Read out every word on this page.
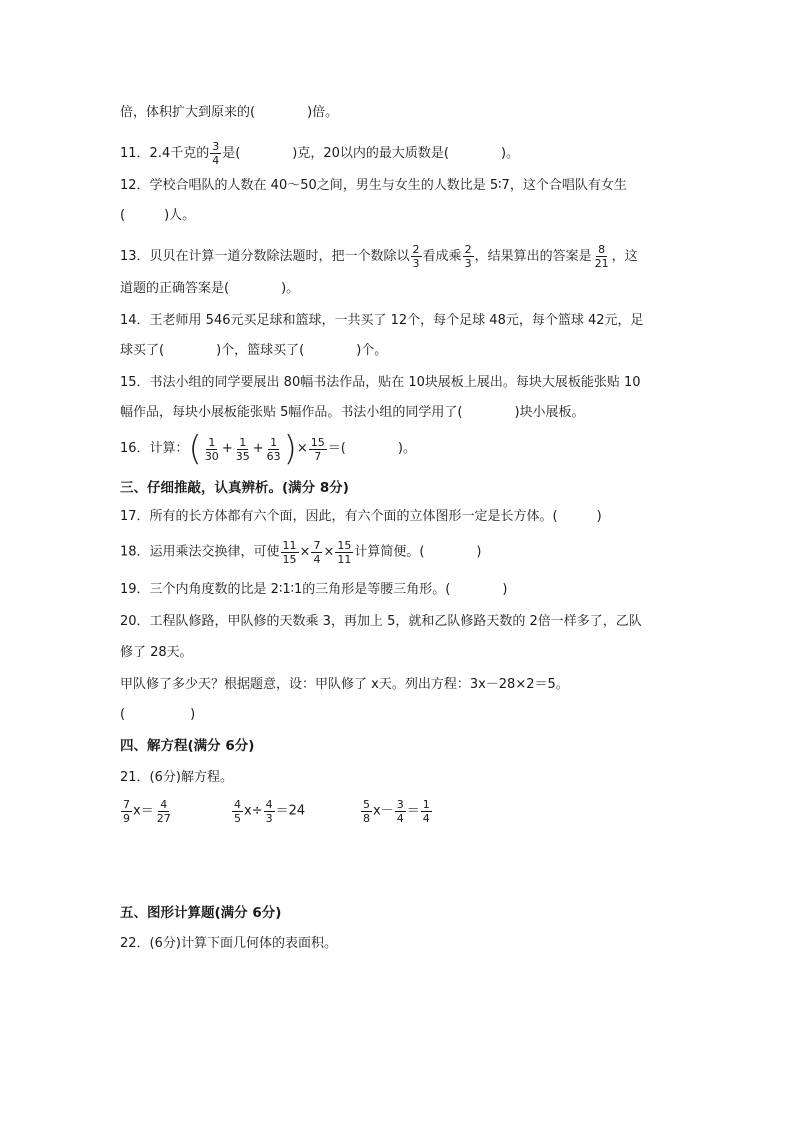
倍，体积扩大到原来的(　　　　)倍。
11．2.4千克的 $\frac{3}{4}$ 是(　　　　)克，20以内的最大质数是(　　　　)。
12．学校合唱队的人数在 40～50之间，男生与女生的人数比是 5∶7，这个合唱队有女生
(　　　)人。
13．贝贝在计算一道分数除法题时，把一个数除以 $\frac{2}{3}$ 看成乘 $\frac{2}{3}$ ，结果算出的答案是 $\frac{8}{21}$ ，这
道题的正确答案是(　　　　)。
14．王老师用 546元买足球和篮球，一共买了 12个，每个足球 48元，每个篮球 42元，足
球买了(　　　　)个，篮球买了(　　　　)个。
15．书法小组的同学要展出 80幅书法作品，贴在 10块展板上展出。每块大展板能张贴 10
幅作品，每块小展板能张贴 5幅作品。书法小组的同学用了(　　　　)块小展板。
16．计算： ( $\frac{1}{30} + \frac{1}{35} + \frac{1}{63}$ ) × $\frac{15}{7}$ ＝(　　　　)。
三、仔细推敲，认真辨析。(满分 8分)
17．所有的长方体都有六个面，因此，有六个面的立体图形一定是长方体。(　　　)
18．运用乘法交换律，可使 $\frac{11}{15} \times \frac{7}{4} \times \frac{15}{11}$ 计算简便。(　　　　)
19．三个内角度数的比是 2∶1∶1的三角形是等腰三角形。(　　　　)
20．工程队修路，甲队修的天数乘 3，再加上 5，就和乙队修路天数的 2倍一样多了，乙队
修了 28天。
甲队修了多少天？根据题意，设：甲队修了 x天。列出方程：3x－28×2＝5。
(　　　　　)
四、解方程(满分 6分)
21．(6分)解方程。
$\frac{7}{9} x= \frac{4}{27}$	$\frac{4}{5} x\div \frac{4}{3} =24$	$\frac{5}{8} x- \frac{3}{4} = \frac{1}{4}$
五、图形计算题(满分 6分)
22．(6分)计算下面几何体的表面积。
